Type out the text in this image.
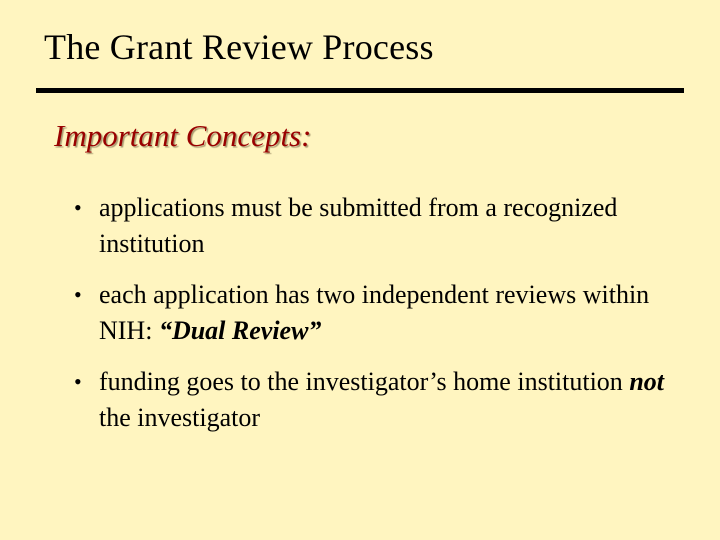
The Grant Review Process
Important Concepts:
• applications must be submitted from a recognized institution
• each application has two independent reviews within NIH: “Dual Review”
• funding goes to the investigator’s home institution not the investigator
